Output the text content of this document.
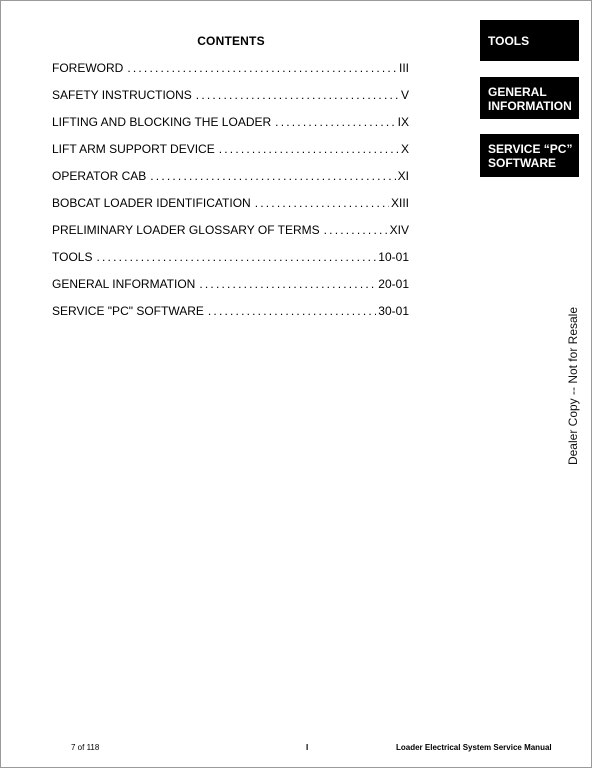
CONTENTS
FOREWORD .....	III
SAFETY INSTRUCTIONS .....	V
LIFTING AND BLOCKING THE LOADER .....	IX
LIFT ARM SUPPORT DEVICE .....	X
OPERATOR CAB .....	XI
BOBCAT LOADER IDENTIFICATION .....	XIII
PRELIMINARY LOADER GLOSSARY OF TERMS .....	XIV
TOOLS .....	10-01
GENERAL INFORMATION .....	20-01
SERVICE "PC" SOFTWARE .....	30-01
TOOLS
GENERAL
INFORMATION
SERVICE “PC”
SOFTWARE
Dealer Copy -- Not for Resale
7 of 118	I	Loader Electrical System Service Manual
